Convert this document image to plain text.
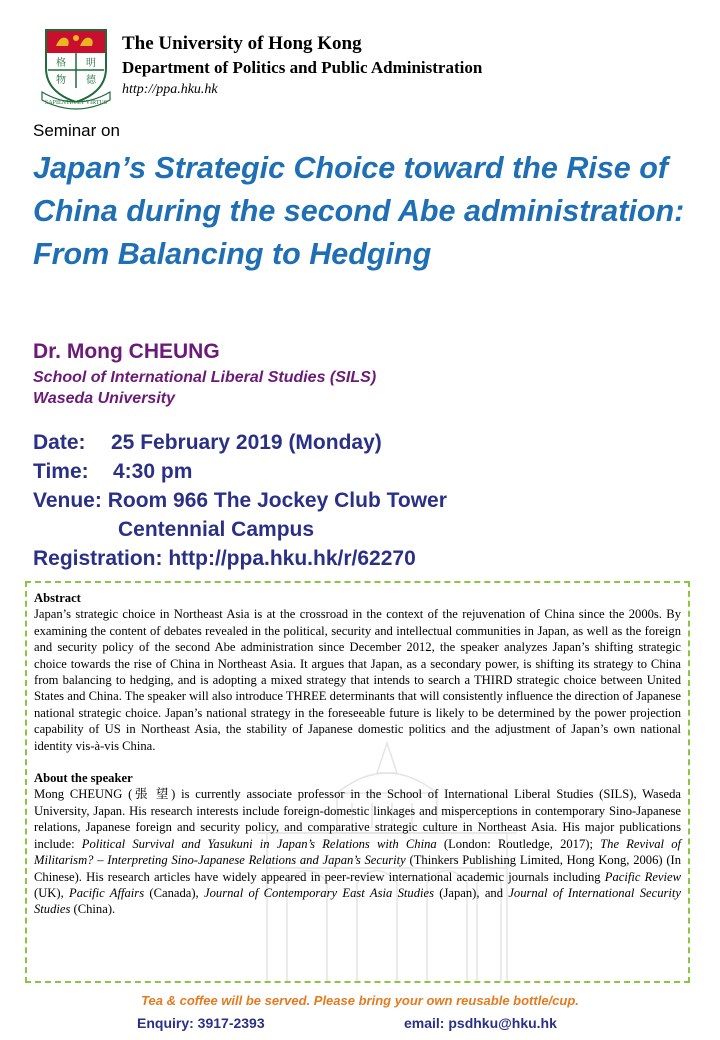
格 明
物 德
SAPIENTIA ET VIRTUS
The University of Hong Kong
Department of Politics and Public Administration
http://ppa.hku.hk
Seminar on
Japan’s Strategic Choice toward the Rise of China during the second Abe administration: From Balancing to Hedging
Dr. Mong CHEUNG
School of International Liberal Studies (SILS)
Waseda University
Date: 25 February 2019 (Monday)
Time: 4:30 pm
Venue: Room 966 The Jockey Club Tower
Centennial Campus
Registration: http://ppa.hku.hk/r/62270
Abstract

Japan’s strategic choice in Northeast Asia is at the crossroad in the context of the rejuvenation of China since the 2000s. By examining the content of debates revealed in the political, security and intellectual communities in Japan, as well as the foreign and security policy of the second Abe administration since December 2012, the speaker analyzes Japan’s shifting strategic choice towards the rise of China in Northeast Asia. It argues that Japan, as a secondary power, is shifting its strategy to China from balancing to hedging, and is adopting a mixed strategy that intends to search a THIRD strategic choice between United States and China. The speaker will also introduce THREE determinants that will consistently influence the direction of Japanese national strategic choice. Japan’s national strategy in the foreseeable future is likely to be determined by the power projection capability of US in Northeast Asia, the stability of Japanese domestic politics and the adjustment of Japan’s own national identity vis-à-vis China.

About the speaker

Mong CHEUNG (張 望) is currently associate professor in the School of International Liberal Studies (SILS), Waseda University, Japan. His research interests include foreign-domestic linkages and misperceptions in contemporary Sino-Japanese relations, Japanese foreign and security policy, and comparative strategic culture in Northeast Asia. His major publications include: Political Survival and Yasukuni in Japan’s Relations with China (London: Routledge, 2017); The Revival of Militarism? – Interpreting Sino-Japanese Relations and Japan’s Security (Thinkers Publishing Limited, Hong Kong, 2006) (In Chinese). His research articles have widely appeared in peer-review international academic journals including Pacific Review (UK), Pacific Affairs (Canada), Journal of Contemporary East Asia Studies (Japan), and Journal of International Security Studies (China).

Tea & coffee will be served. Please bring your own reusable bottle/cup.
Enquiry: 3917-2393	email: psdhku@hku.hk
